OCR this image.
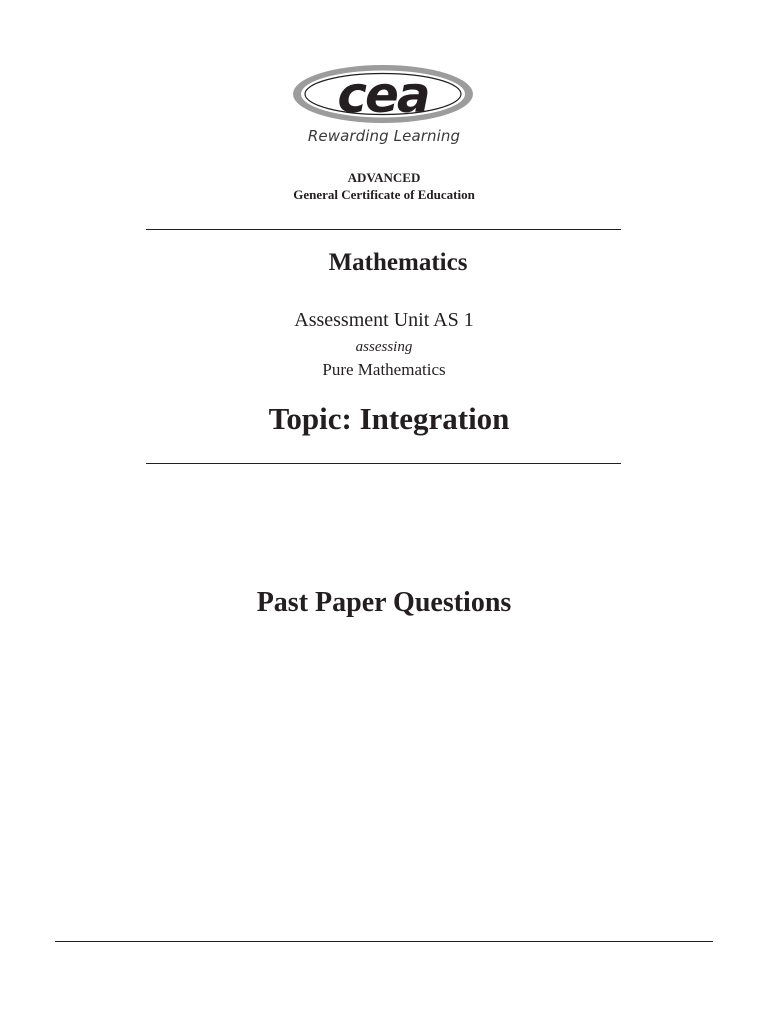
cea
Rewarding Learning
ADVANCED
General Certificate of Education
Mathematics
Assessment Unit AS 1
assessing
Pure Mathematics
Topic: Integration
Past Paper Questions
